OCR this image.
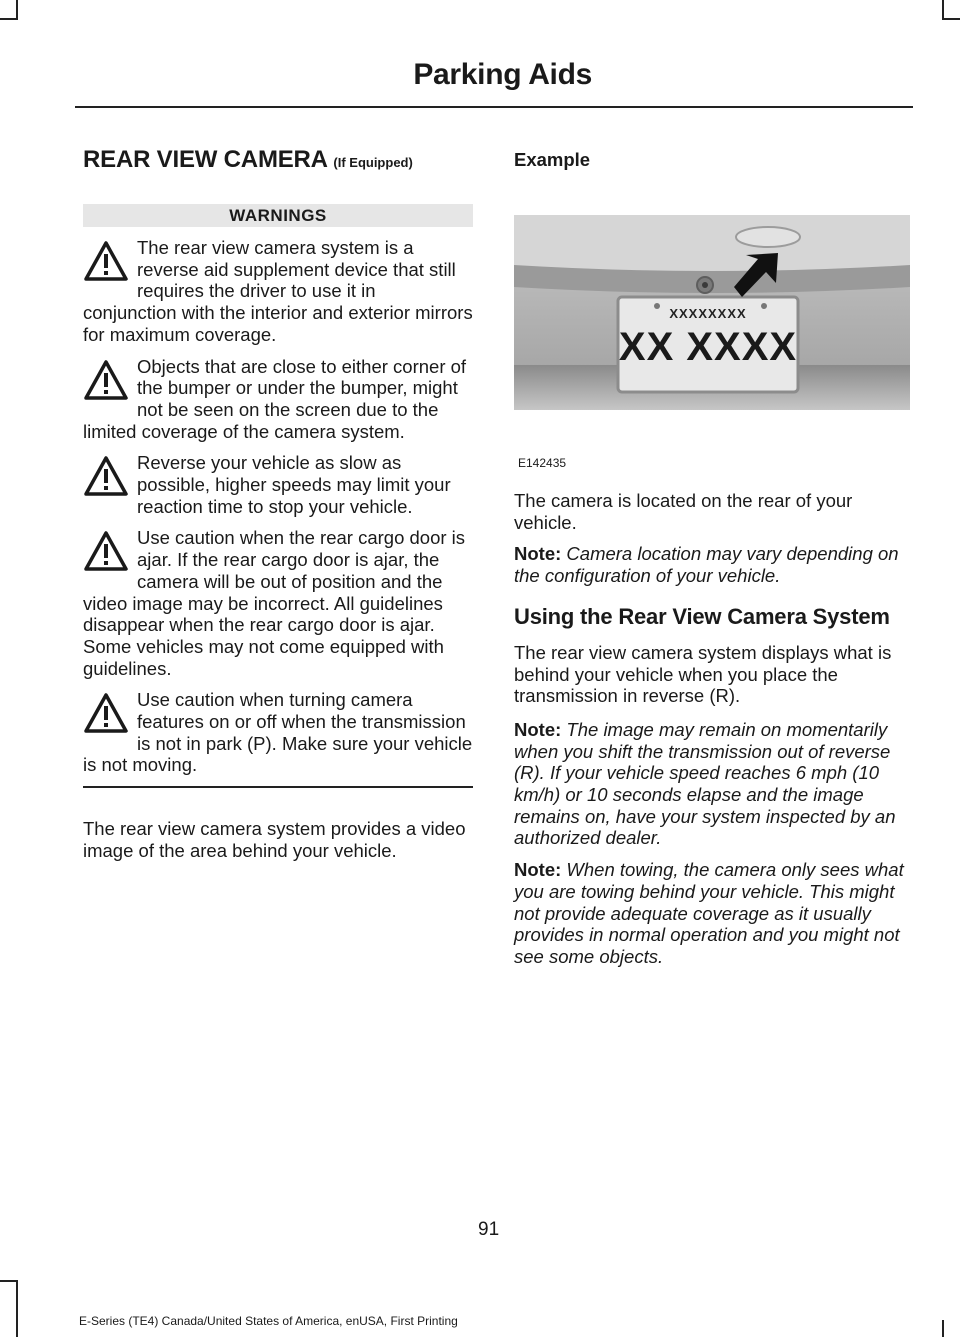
Parking Aids
REAR VIEW CAMERA (If Equipped)
WARNINGS
The rear view camera system is a reverse aid supplement device that still requires the driver to use it in conjunction with the interior and exterior mirrors for maximum coverage.
Objects that are close to either corner of the bumper or under the bumper, might not be seen on the screen due to the limited coverage of the camera system.
Reverse your vehicle as slow as possible, higher speeds may limit your reaction time to stop your vehicle.
Use caution when the rear cargo door is ajar. If the rear cargo door is ajar, the camera will be out of position and the video image may be incorrect. All guidelines disappear when the rear cargo door is ajar. Some vehicles may not come equipped with guidelines.
Use caution when turning camera features on or off when the transmission is not in park (P). Make sure your vehicle is not moving.

The rear view camera system provides a video image of the area behind your vehicle.

Example
XXXXXXXX
XX XXXX
E142435

The camera is located on the rear of your vehicle.

Note: Camera location may vary depending on the configuration of your vehicle.

Using the Rear View Camera System

The rear view camera system displays what is behind your vehicle when you place the transmission in reverse (R).

Note: The image may remain on momentarily when you shift the transmission out of reverse (R). If your vehicle speed reaches 6 mph (10 km/h) or 10 seconds elapse and the image remains on, have your system inspected by an authorized dealer.

Note: When towing, the camera only sees what you are towing behind your vehicle. This might not provide adequate coverage as it usually provides in normal operation and you might not see some objects.

91
E-Series (TE4) Canada/United States of America, enUSA, First Printing
